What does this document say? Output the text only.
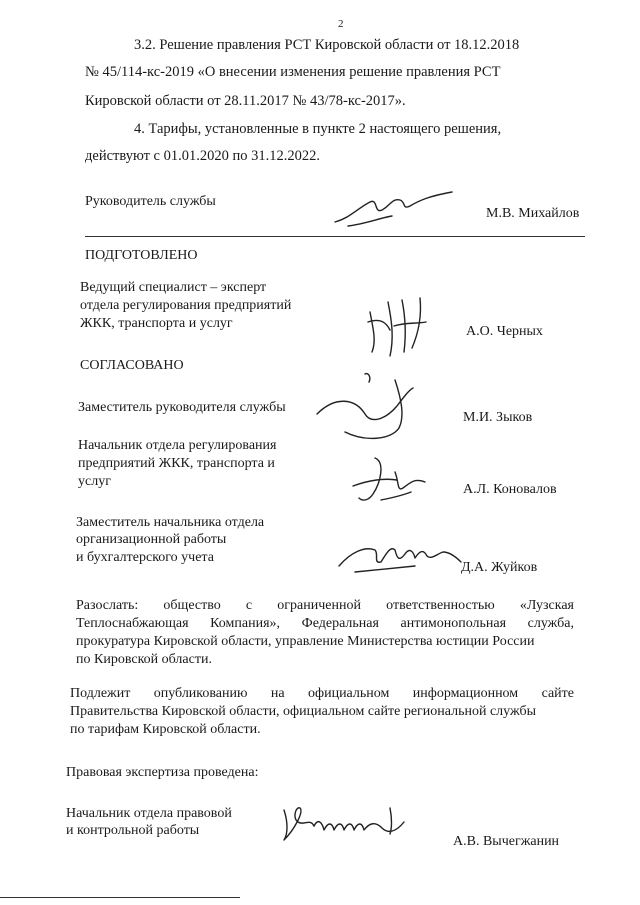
2
3.2. Решение правления РСТ Кировской области от 18.12.2018
№ 45/114-кс-2019 «О внесении изменения решение правления РСТ
Кировской области от 28.11.2017 № 43/78-кс-2017».
4. Тарифы, установленные в пункте 2 настоящего решения,
действуют с 01.01.2020 по 31.12.2022.
Руководитель службы
М.В. Михайлов
ПОДГОТОВЛЕНО
Ведущий специалист – эксперт
отдела регулирования предприятий
ЖКК, транспорта и услуг
А.О. Черных
СОГЛАСОВАНО
Заместитель руководителя службы
М.И. Зыков
Начальник отдела регулирования
предприятий ЖКК, транспорта и
услуг
А.Л. Коновалов
Заместитель начальника отдела
организационной работы
и бухгалтерского учета
Д.А. Жуйков
Разослать: общество с ограниченной ответственностью «Лузская
Теплоснабжающая Компания», Федеральная антимонопольная служба,
прокуратура Кировской области, управление Министерства юстиции России
по Кировской области.
Подлежит опубликованию на официальном информационном сайте
Правительства Кировской области, официальном сайте региональной службы
по тарифам Кировской области.
Правовая экспертиза проведена:
Начальник отдела правовой
и контрольной работы
А.В. Вычегжанин
